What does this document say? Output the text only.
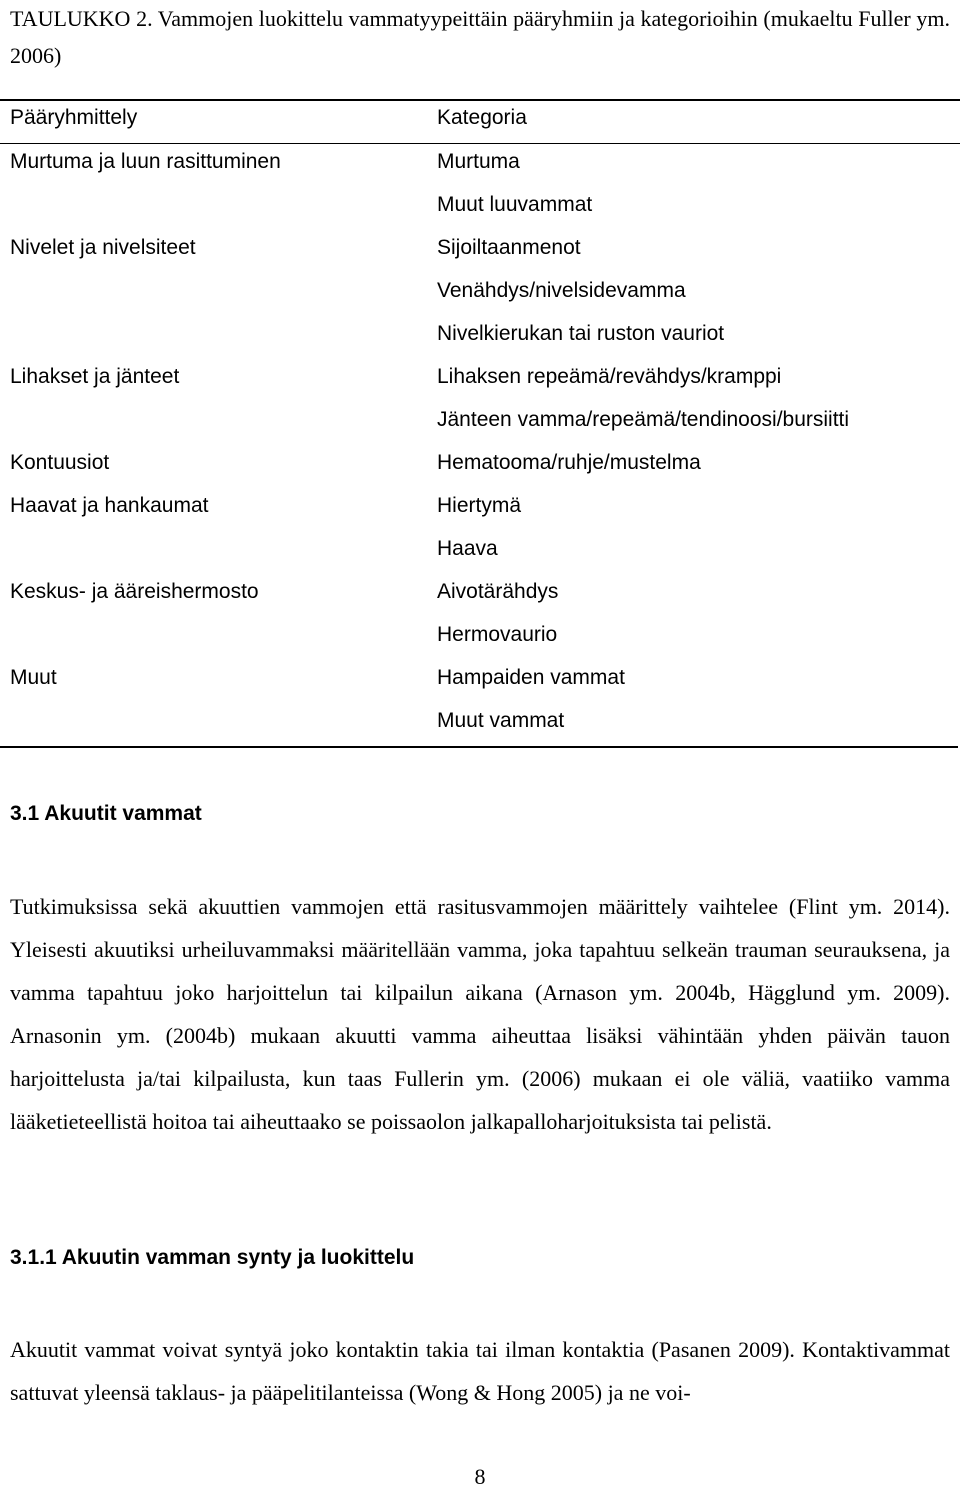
TAULUKKO 2. Vammojen luokittelu vammatyypeittäin pääryhmiin ja kategorioihin (mukaeltu Fuller ym. 2006)
Pääryhmittely	Kategoria
Murtuma ja luun rasittuminen
Nivelet ja nivelsiteet
Lihakset ja jänteet
Kontuusiot
Haavat ja hankaumat
Keskus- ja ääreishermosto
Muut
Murtuma
Muut luuvammat
Sijoiltaanmenot
Venähdys/nivelsidevamma
Nivelkierukan tai ruston vauriot
Lihaksen repeämä/revähdys/kramppi
Jänteen vamma/repeämä/tendinoosi/bursiitti
Hematooma/ruhje/mustelma
Hiertymä
Haava
Aivotärähdys
Hermovaurio
Hampaiden vammat
Muut vammat
3.1 Akuutit vammat
Tutkimuksissa sekä akuuttien vammojen että rasitusvammojen määrittely vaihtelee (Flint ym. 2014). Yleisesti akuutiksi urheiluvammaksi määritellään vamma, joka tapahtuu selkeän trauman seurauksena, ja vamma tapahtuu joko harjoittelun tai kilpailun aikana (Arnason ym. 2004b, Hägglund ym. 2009). Arnasonin ym. (2004b) mukaan akuutti vamma aiheuttaa lisäksi vähintään yhden päivän tauon harjoittelusta ja/tai kilpailusta, kun taas Fullerin ym. (2006) mukaan ei ole väliä, vaatiiko vamma lääketieteellistä hoitoa tai aiheuttaako se poissaolon jalkapalloharjoituksista tai pelistä.
3.1.1 Akuutin vamman synty ja luokittelu
Akuutit vammat voivat syntyä joko kontaktin takia tai ilman kontaktia (Pasanen 2009). Kontaktivammat sattuvat yleensä taklaus- ja pääpelitilanteissa (Wong & Hong 2005) ja ne voi-
8
